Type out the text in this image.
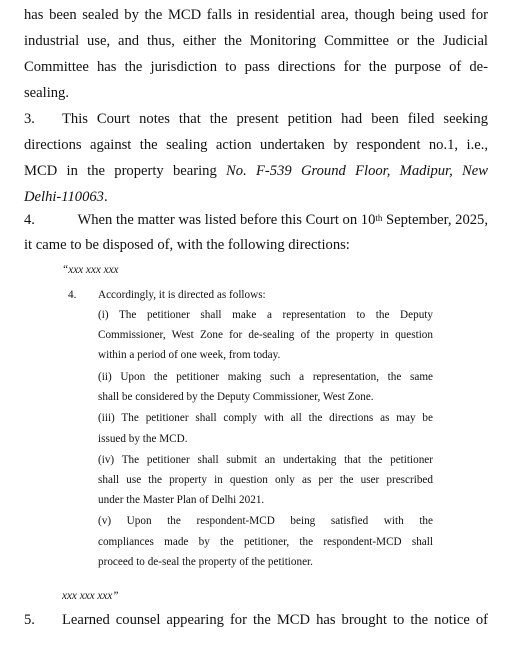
has been sealed by the MCD falls in residential area, though being used for
industrial use, and thus, either the Monitoring Committee or the Judicial
Committee has the jurisdiction to pass directions for the purpose of de-
sealing.
3.	This Court notes that the present petition had been filed seeking
directions against the sealing action undertaken by respondent no.1, i.e.,
MCD in the property bearing No. F-539 Ground Floor, Madipur, New
Delhi-110063.
4.	When the matter was listed before this Court on 10th September, 2025,
it came to be disposed of, with the following directions:
“xxx xxx xxx
4. Accordingly, it is directed as follows:
(i) The petitioner shall make a representation to the Deputy
Commissioner, West Zone for de-sealing of the property in question
within a period of one week, from today.
(ii) Upon the petitioner making such a representation, the same
shall be considered by the Deputy Commissioner, West Zone.
(iii) The petitioner shall comply with all the directions as may be
issued by the MCD.
(iv) The petitioner shall submit an undertaking that the petitioner
shall use the property in question only as per the user prescribed
under the Master Plan of Delhi 2021.
(v) Upon the respondent-MCD being satisfied with the
compliances made by the petitioner, the respondent-MCD shall
proceed to de-seal the property of the petitioner.
xxx xxx xxx”
5.	Learned counsel appearing for the MCD has brought to the notice of
